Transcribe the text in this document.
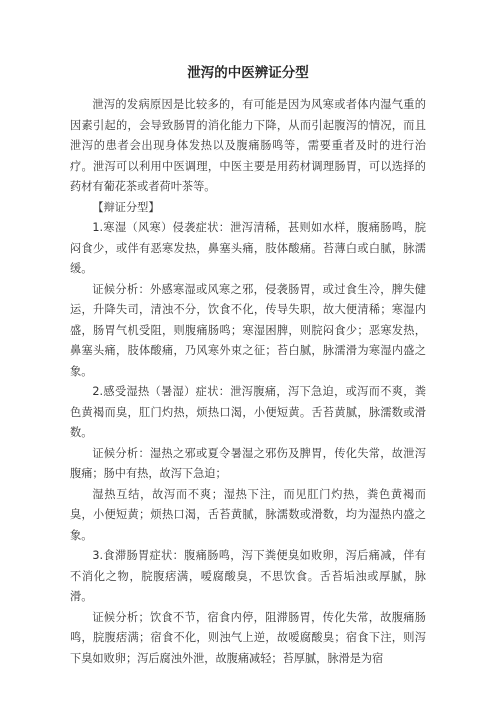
泄泻的中医辨证分型

泄泻的发病原因是比较多的，有可能是因为风寒或者体内湿气重的因素引起的，会导致肠胃的消化能力下降，从而引起腹泻的情况，而且泄泻的患者会出现身体发热以及腹痛肠鸣等，需要重者及时的进行治疗。泄泻可以利用中医调理，中医主要是用药材调理肠胃，可以选择的药材有葡花茶或者荷叶茶等。

【辩证分型】

1.寒湿（风寒）侵袭症状：泄泻清稀，甚则如水样，腹痛肠鸣，脘闷食少，或伴有恶寒发热，鼻塞头痛，肢体酸痛。苔薄白或白腻，脉濡缓。

证候分析：外感寒湿或风寒之邪，侵袭肠胃，或过食生冷，脾失健运，升降失司，清浊不分，饮食不化，传导失职，故大便清稀；寒湿内盛，肠胃气机受阻，则腹痛肠鸣；寒湿困脾，则脘闷食少；恶寒发热，鼻塞头痛，肢体酸痛，乃风寒外束之征；苔白腻，脉濡滑为寒湿内盛之象。

2.感受湿热（暑湿）症状：泄泻腹痛，泻下急迫，或泻而不爽，粪色黄褐而臭，肛门灼热，烦热口渴，小便短黄。舌苔黄腻，脉濡数或滑数。

证候分析：湿热之邪或夏令暑湿之邪伤及脾胃，传化失常，故泄泻腹痛；肠中有热，故泻下急迫；

湿热互结，故泻而不爽；湿热下注，而见肛门灼热，粪色黄褐而臭，小便短黄；烦热口渴，舌苔黄腻，脉濡数或滑数，均为湿热内盛之象。

3.食滞肠胃症状：腹痛肠鸣，泻下粪便臭如败卵，泻后痛减，伴有不消化之物，脘腹痞满，嗳腐酸臭，不思饮食。舌苔垢浊或厚腻，脉滑。

证候分析；饮食不节，宿食内停，阻滞肠胃，传化失常，故腹痛肠鸣，脘腹痞满；宿食不化，则浊气上逆，故嗳腐酸臭；宿食下注，则泻下臭如败卵；泻后腐浊外泄，故腹痛减轻；苔厚腻，脉滑是为宿
